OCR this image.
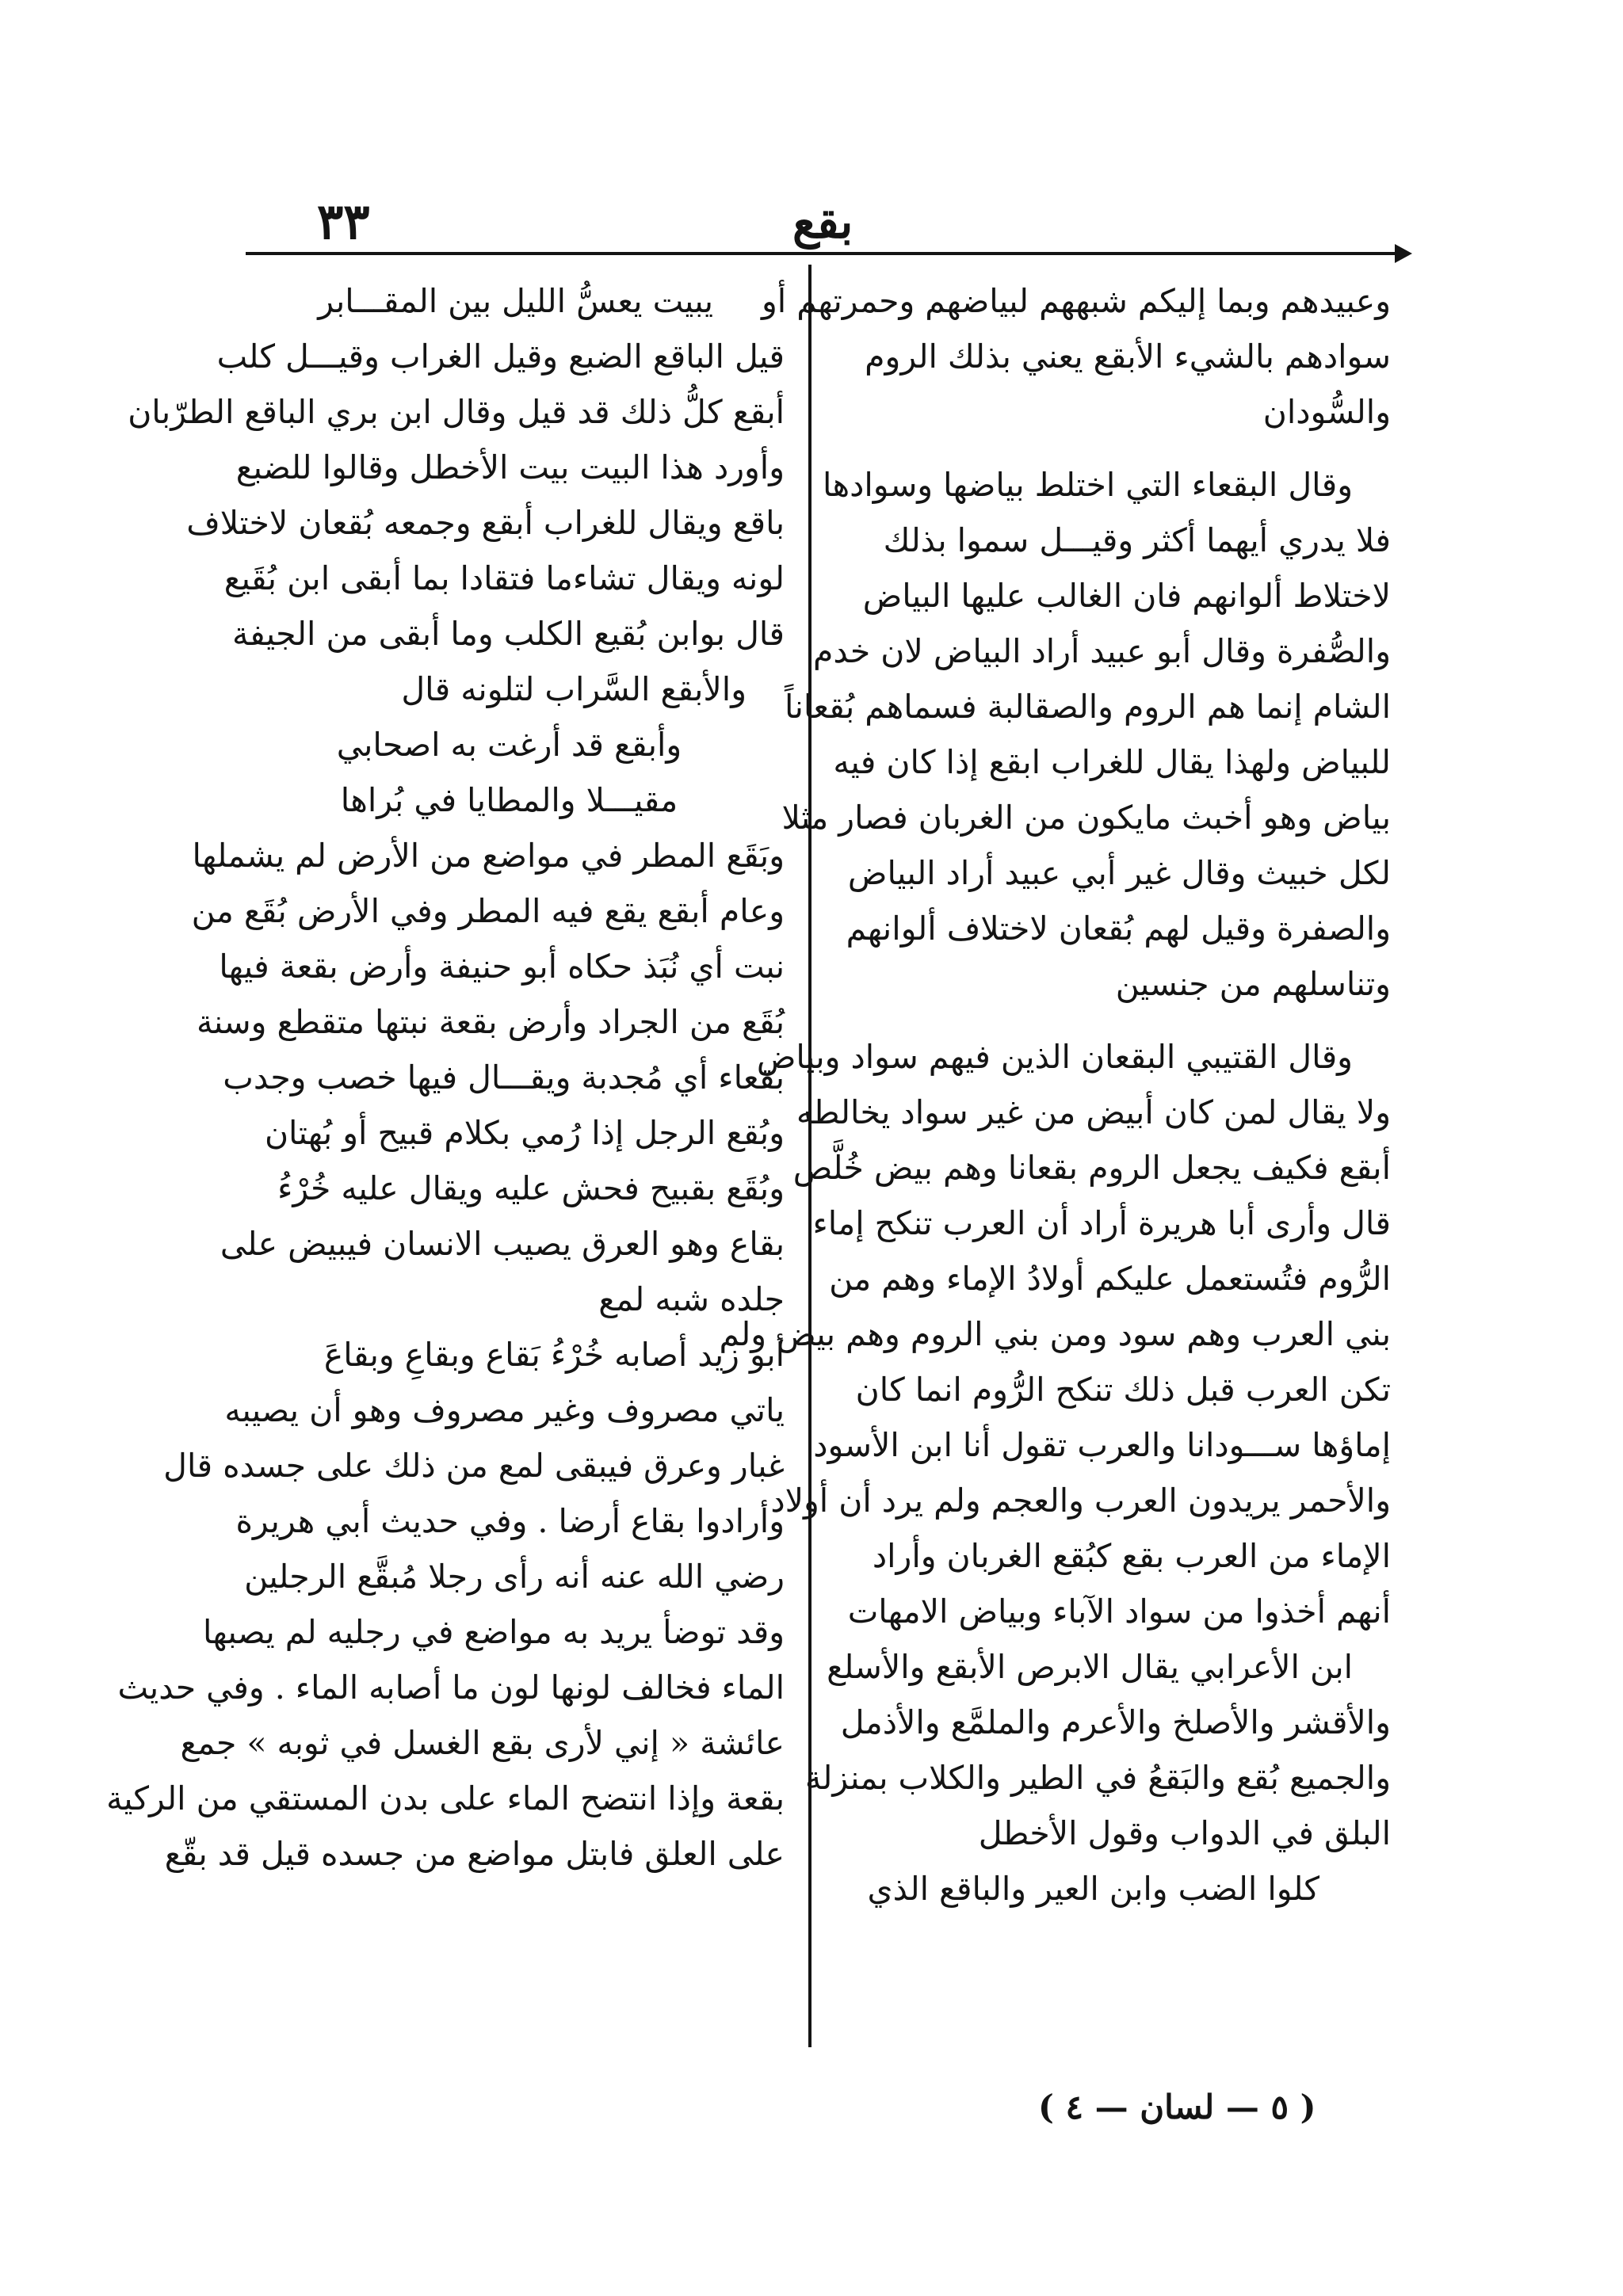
٣٣	بقع
وعبيدهم وبما إليكم شبههم لبياضهم وحمرتهم أو
سوادهم بالشيء الأبقع يعني بذلك الروم
والسُّودان
وقال البقعاء التي اختلط بياضها وسوادها
فلا يدري أيهما أكثر وقيـــل سموا بذلك
لاختلاط ألوانهم فان الغالب عليها البياض
والصُّفرة وقال أبو عبيد أراد البياض لان خدم
الشام إنما هم الروم والصقالبة فسماهم بُقعاناً
للبياض ولهذا يقال للغراب ابقع إذا كان فيه
بياض وهو أخبث مايكون من الغربان فصار مثلا
لكل خبيث وقال غير أبي عبيد أراد البياض
والصفرة وقيل لهم بُقعان لاختلاف ألوانهم
وتناسلهم من جنسين
وقال القتيبي البقعان الذين فيهم سواد وبياض
ولا يقال لمن كان أبيض من غير سواد يخالطه
أبقع فكيف يجعل الروم بقعانا وهم بيض خُلَّص
قال وأرى أبا هريرة أراد أن العرب تنكح إماء
الرُّوم فتُستعمل عليكم أولادُ الإماء وهم من
بني العرب وهم سود ومن بني الروم وهم بيض ولم
تكن العرب قبل ذلك تنكح الرُّوم انما كان
إماؤها ســـودانا والعرب تقول أنا ابن الأسود
والأحمر يريدون العرب والعجم ولم يرد أن أولاد
الإماء من العرب بقع كبُقع الغربان وأراد
أنهم أخذوا من سواد الآباء وبياض الامهات
ابن الأعرابي يقال الابرص الأبقع والأسلع
والأقشر والأصلخ والأعرم والملمَّع والأذمل
والجميع بُقع والبَقعُ في الطير والكلاب بمنزلة
البلق في الدواب وقول الأخطل
كلوا الضب وابن العير والباقع الذي
يبيت يعسُّ الليل بين المقـــابر
قيل الباقع الضبع وقيل الغراب وقيـــل كلب
أبقع كلُّ ذلك قد قيل وقال ابن بري الباقع الطرّبان
وأورد هذا البيت بيت الأخطل وقالوا للضبع
باقع ويقال للغراب أبقع وجمعه بُقعان لاختلاف
لونه ويقال تشاءما فتقادا بما أبقى ابن بُقَيع
قال بوابن بُقيع الكلب وما أبقى من الجيفة
والأبقع السَّراب لتلونه قال
وأبقع قد أرغت به اصحابي
مقيـــلا والمطايا في بُراها
وبَقَع المطر في مواضع من الأرض لم يشملها
وعام أبقع يقع فيه المطر وفي الأرض بُقَع من
نبت أي نُبَذ حكاه أبو حنيفة وأرض بقعة فيها
بُقَع من الجراد وأرض بقعة نبتها متقطع وسنة
بقعاء أي مُجدبة ويقـــال فيها خصب وجدب
وبُقع الرجل إذا رُمي بكلام قبيح أو بُهتان
وبُقَع بقبيح فحش عليه ويقال عليه خُرْءُ
بقاع وهو العرق يصيب الانسان فيبيض على
جلده شبه لمع
أبو زيد أصابه خُرْءُ بَقاع وبقاعِ وبقاعَ
ياتي مصروف وغير مصروف وهو أن يصيبه
غبار وعرق فيبقى لمع من ذلك على جسده قال
وأرادوا بقاع أرضا . وفي حديث أبي هريرة
رضي الله عنه أنه رأى رجلا مُبقَّع الرجلين
وقد توضأ يريد به مواضع في رجليه لم يصبها
الماء فخالف لونها لون ما أصابه الماء . وفي حديث
عائشة « إني لأرى بقع الغسل في ثوبه » جمع
بقعة وإذا انتضح الماء على بدن المستقي من الركية
على العلق فابتل مواضع من جسده قيل قد بقّع
( ٥ — لسان — ٤ )
